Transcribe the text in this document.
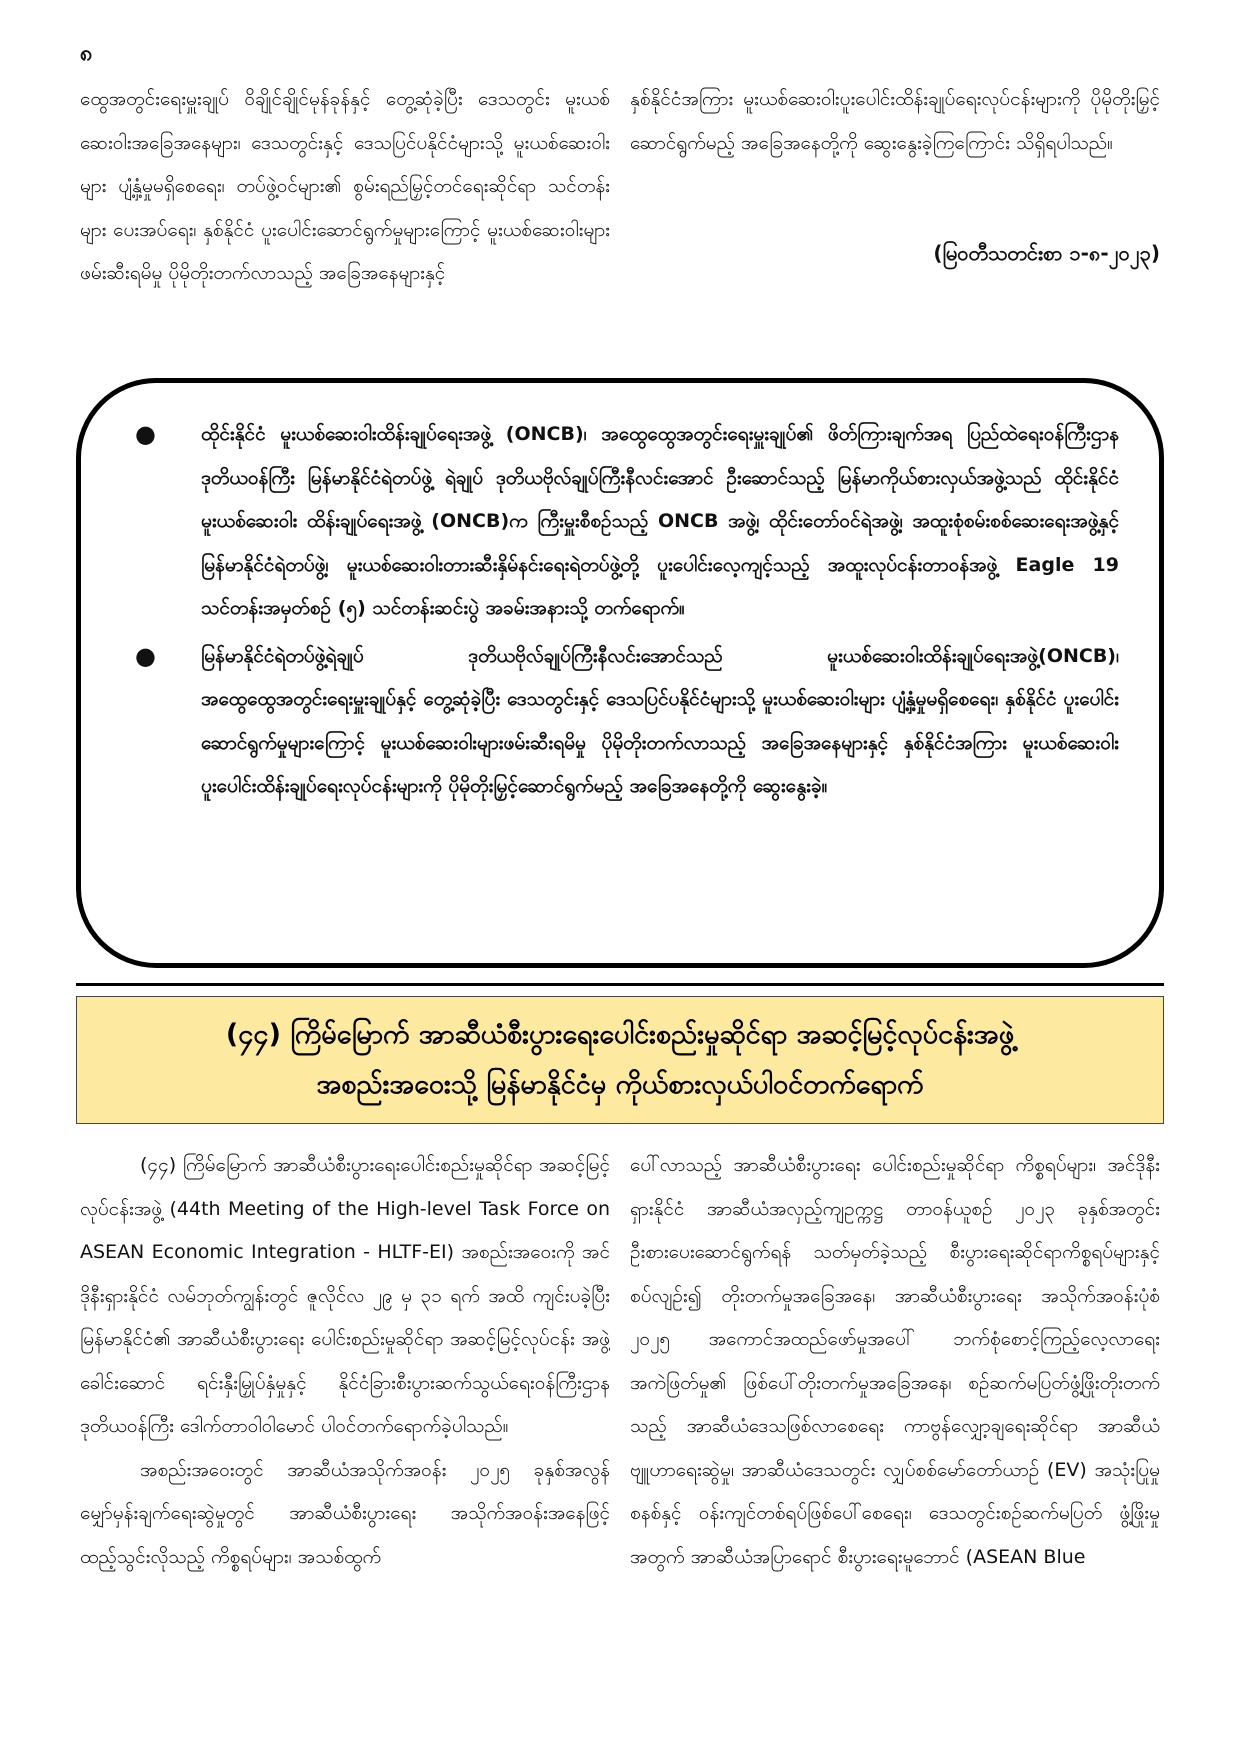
၈

ထွေအတွင်းရေးမှူးချုပ် ဝိချိုင်ချိုင်မုန်ခုန်နှင့် တွေ့ဆုံခဲ့ပြီး ဒေသတွင်း မူးယစ်ဆေးဝါးအခြေအနေများ၊ ဒေသတွင်းနှင့် ဒေသပြင်ပနိုင်ငံများသို့ မူးယစ်ဆေးဝါးများ ပျံ့နှံ့မှုမရှိစေရေး၊ တပ်ဖွဲ့ဝင်များ၏ စွမ်းရည်မြှင့်တင်ရေးဆိုင်ရာ သင်တန်းများ ပေးအပ်ရေး၊ နှစ်နိုင်ငံ ပူးပေါင်းဆောင်ရွက်မှုများကြောင့် မူးယစ်ဆေးဝါးများ ဖမ်းဆီးရမိမှု ပိုမိုတိုးတက်လာသည့် အခြေအနေများနှင့်

နှစ်နိုင်ငံအကြား မူးယစ်ဆေးဝါးပူးပေါင်းထိန်းချုပ်ရေးလုပ်ငန်းများကို ပိုမိုတိုးမြှင့်ဆောင်ရွက်မည့် အခြေအနေတို့ကို ဆွေးနွေးခဲ့ကြကြောင်း သိရှိရပါသည်။

(မြဝတီသတင်းစာ ၁-၈-၂၀၂၃)
● ထိုင်းနိုင်ငံ မူးယစ်ဆေးဝါးထိန်းချုပ်ရေးအဖွဲ့ (ONCB)၊ အထွေထွေအတွင်းရေးမှူးချုပ်၏ ဖိတ်ကြားချက်အရ ပြည်ထဲရေးဝန်ကြီးဌာန ဒုတိယဝန်ကြီး မြန်မာနိုင်ငံရဲတပ်ဖွဲ့ ရဲချုပ် ဒုတိယဗိုလ်ချုပ်ကြီးနီလင်းအောင် ဦးဆောင်သည့် မြန်မာကိုယ်စားလှယ်အဖွဲ့သည် ထိုင်းနိုင်ငံမူးယစ်ဆေးဝါး ထိန်းချုပ်ရေးအဖွဲ့ (ONCB)က ကြီးမှူးစီစဉ်သည့် ONCB အဖွဲ့၊ ထိုင်းတော်ဝင်ရဲအဖွဲ့၊ အထူးစုံစမ်းစစ်ဆေးရေးအဖွဲ့နှင့် မြန်မာနိုင်ငံရဲတပ်ဖွဲ့၊ မူးယစ်ဆေးဝါးတားဆီးနှိမ်နင်းရေးရဲတပ်ဖွဲ့တို့ ပူးပေါင်းလေ့ကျင့်သည့် အထူးလုပ်ငန်းတာဝန်အဖွဲ့ Eagle 19 သင်တန်းအမှတ်စဉ် (၅) သင်တန်းဆင်းပွဲ အခမ်းအနားသို့ တက်ရောက်။
● မြန်မာနိုင်ငံရဲတပ်ဖွဲ့ရဲချုပ် ဒုတိယဗိုလ်ချုပ်ကြီးနီလင်းအောင်သည် မူးယစ်ဆေးဝါးထိန်းချုပ်ရေးအဖွဲ့(ONCB)၊ အထွေထွေအတွင်းရေးမှူးချုပ်နှင့် တွေ့ဆုံခဲ့ပြီး ဒေသတွင်းနှင့် ဒေသပြင်ပနိုင်ငံများသို့ မူးယစ်ဆေးဝါးများ ပျံ့နှံ့မှုမရှိစေရေး၊ နှစ်နိုင်ငံ ပူးပေါင်းဆောင်ရွက်မှုများကြောင့် မူးယစ်ဆေးဝါးများဖမ်းဆီးရမိမှု ပိုမိုတိုးတက်လာသည့် အခြေအနေများနှင့် နှစ်နိုင်ငံအကြား မူးယစ်ဆေးဝါးပူးပေါင်းထိန်းချုပ်ရေးလုပ်ငန်းများကို ပိုမိုတိုးမြှင့်ဆောင်ရွက်မည့် အခြေအနေတို့ကို ဆွေးနွေးခဲ့။
(၄၄) ကြိမ်မြောက် အာဆီယံစီးပွားရေးပေါင်းစည်းမှုဆိုင်ရာ အဆင့်မြင့်လုပ်ငန်းအဖွဲ့
အစည်းအဝေးသို့ မြန်မာနိုင်ငံမှ ကိုယ်စားလှယ်ပါဝင်တက်ရောက်

(၄၄) ကြိမ်မြောက် အာဆီယံစီးပွားရေးပေါင်းစည်းမှုဆိုင်ရာ အဆင့်မြင့်လုပ်ငန်းအဖွဲ့ (44th Meeting of the High-level Task Force on ASEAN Economic Integration - HLTF-EI) အစည်းအဝေးကို အင်ဒိုနီးရှားနိုင်ငံ လမ်ဘုတ်ကျွန်းတွင် ဇူလိုင်လ ၂၉ မှ ၃၁ ရက် အထိ ကျင်းပခဲ့ပြီး မြန်မာနိုင်ငံ၏ အာဆီယံစီးပွားရေး ပေါင်းစည်းမှုဆိုင်ရာ အဆင့်မြင့်လုပ်ငန်း အဖွဲ့ခေါင်းဆောင် ရင်းနှီးမြှုပ်နှံမှုနှင့် နိုင်ငံခြားစီးပွားဆက်သွယ်ရေးဝန်ကြီးဌာန ဒုတိယဝန်ကြီး ဒေါက်တာဝါဝါမောင် ပါဝင်တက်ရောက်ခဲ့ပါသည်။

အစည်းအဝေးတွင် အာဆီယံအသိုက်အဝန်း ၂၀၂၅ ခုနှစ်အလွန် မျှော်မှန်းချက်ရေးဆွဲမှုတွင် အာဆီယံစီးပွားရေး အသိုက်အဝန်းအနေဖြင့် ထည့်သွင်းလိုသည့် ကိစ္စရပ်များ၊ အသစ်ထွက်

ပေါ်လာသည့် အာဆီယံစီးပွားရေး ပေါင်းစည်းမှုဆိုင်ရာ ကိစ္စရပ်များ၊ အင်ဒိုနီးရှားနိုင်ငံ အာဆီယံအလှည့်ကျဥက္ကဋ္ဌ တာဝန်ယူစဉ် ၂၀၂၃ ခုနှစ်အတွင်း ဦးစားပေးဆောင်ရွက်ရန် သတ်မှတ်ခဲ့သည့် စီးပွားရေးဆိုင်ရာကိစ္စရပ်များနှင့် စပ်လျဉ်း၍ တိုးတက်မှုအခြေအနေ၊ အာဆီယံစီးပွားရေး အသိုက်အဝန်းပုံစံ ၂၀၂၅ အကောင်အထည်ဖော်မှုအပေါ် ဘက်စုံစောင့်ကြည့်လေ့လာရေး အကဲဖြတ်မှု၏ ဖြစ်ပေါ်တိုးတက်မှုအခြေအနေ၊ စဉ်ဆက်မပြတ်ဖွံ့ဖြိုးတိုးတက်သည့် အာဆီယံဒေသဖြစ်လာစေရေး ကာဗွန်လျှော့ချရေးဆိုင်ရာ အာဆီယံဗျူဟာရေးဆွဲမှု၊ အာဆီယံဒေသတွင်း လျှပ်စစ်မော်တော်ယာဉ် (EV) အသုံးပြုမှုစနစ်နှင့် ဝန်းကျင်တစ်ရပ်ဖြစ်ပေါ်စေရေး၊ ဒေသတွင်းစဉ်ဆက်မပြတ် ဖွံ့ဖြိုးမှုအတွက် အာဆီယံအပြာရောင် စီးပွားရေးမူဘောင် (ASEAN Blue
